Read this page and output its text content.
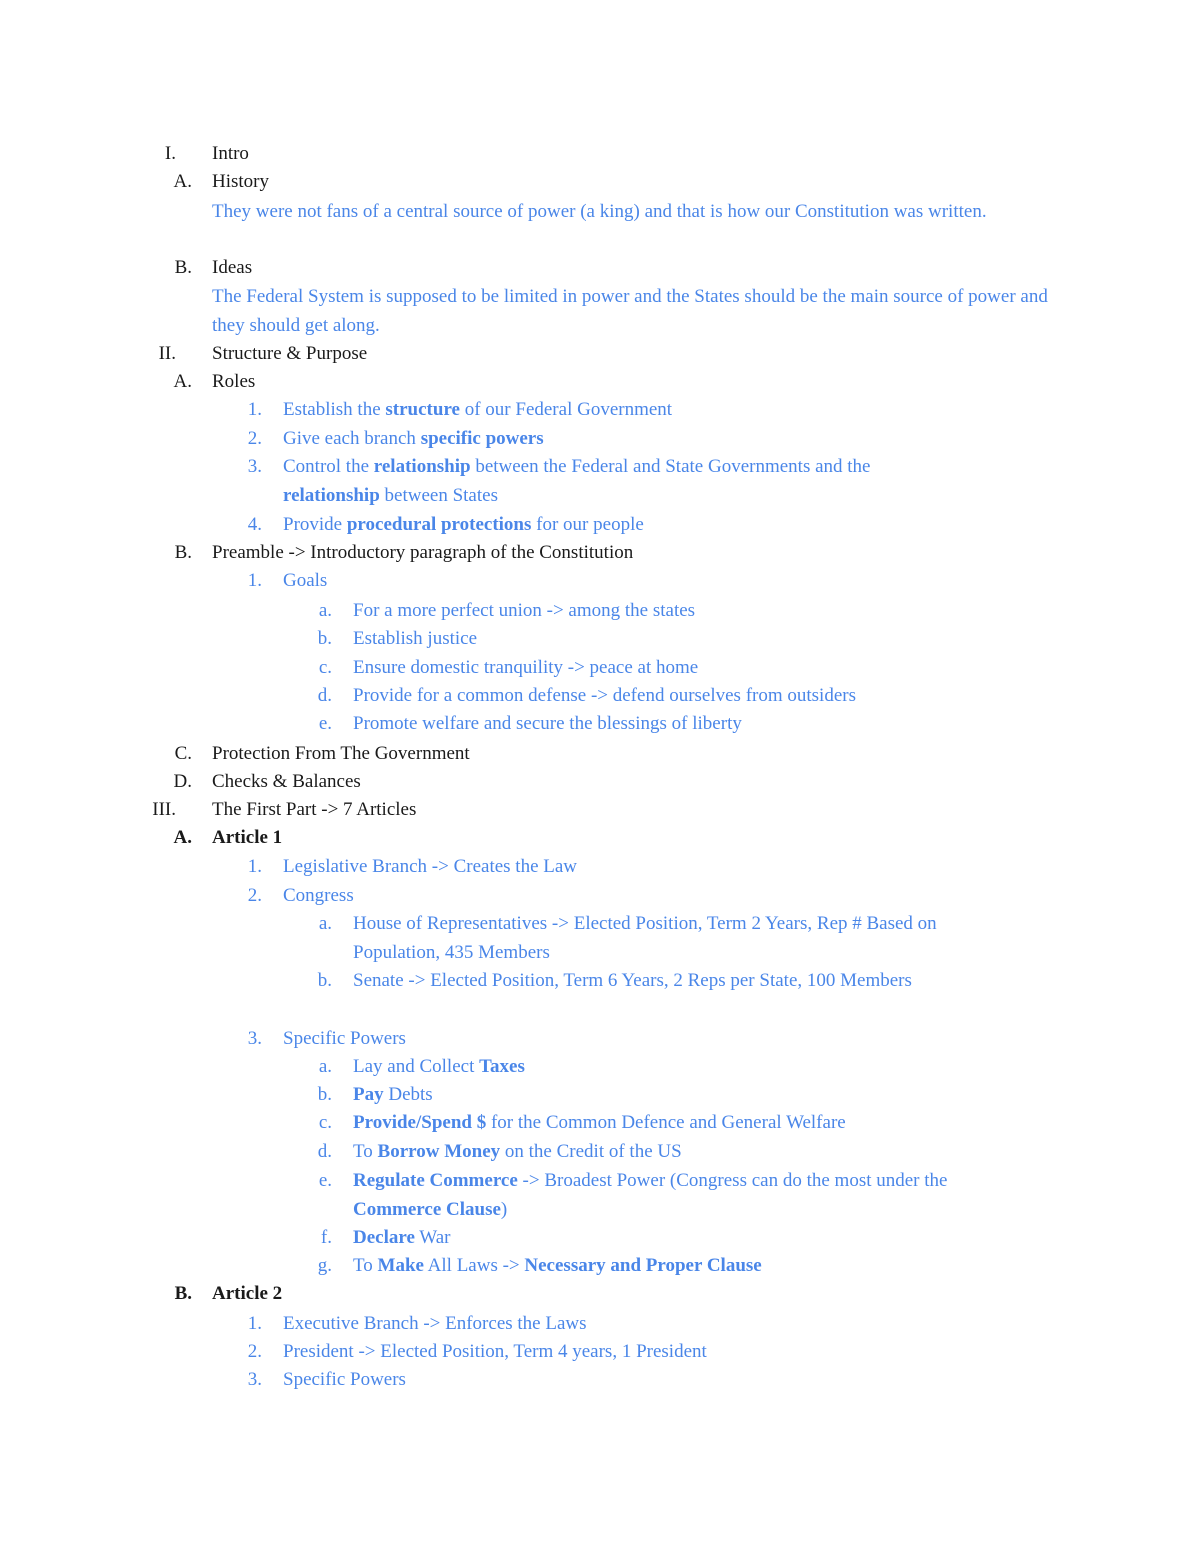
I. Intro
A. History
They were not fans of a central source of power (a king) and that is how our Constitution was written.
B. Ideas
The Federal System is supposed to be limited in power and the States should be the main source of power and they should get along.
II. Structure & Purpose
A. Roles
1. Establish the structure of our Federal Government
2. Give each branch specific powers
3. Control the relationship between the Federal and State Governments and the
relationship between States
4. Provide procedural protections for our people
B. Preamble -> Introductory paragraph of the Constitution
1. Goals
a. For a more perfect union -> among the states
b. Establish justice
c. Ensure domestic tranquility -> peace at home
d. Provide for a common defense -> defend ourselves from outsiders
e. Promote welfare and secure the blessings of liberty
C. Protection From The Government
D. Checks & Balances
III. The First Part -> 7 Articles
A. Article 1
1. Legislative Branch -> Creates the Law
2. Congress
a. House of Representatives -> Elected Position, Term 2 Years, Rep # Based on
Population, 435 Members
b. Senate -> Elected Position, Term 6 Years, 2 Reps per State, 100 Members
3. Specific Powers
a. Lay and Collect Taxes
b. Pay Debts
c. Provide/Spend $ for the Common Defence and General Welfare
d. To Borrow Money on the Credit of the US
e. Regulate Commerce -> Broadest Power (Congress can do the most under the
Commerce Clause)
f. Declare War
g. To Make All Laws -> Necessary and Proper Clause
B. Article 2
1. Executive Branch -> Enforces the Laws
2. President -> Elected Position, Term 4 years, 1 President
3. Specific Powers
